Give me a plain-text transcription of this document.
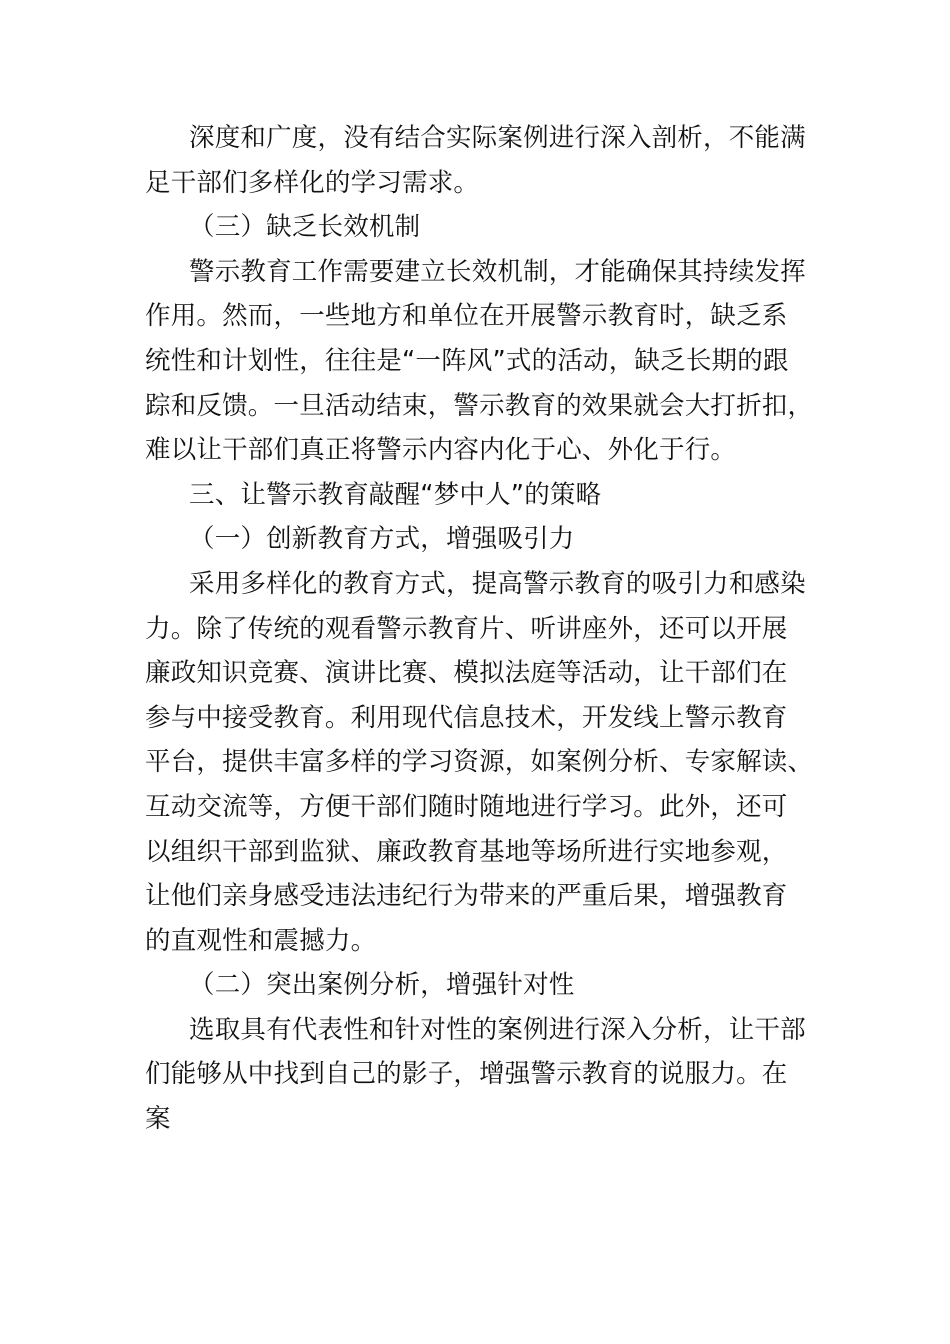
深度和广度，没有结合实际案例进行深入剖析，不能满
足干部们多样化的学习需求。
（三）缺乏长效机制
警示教育工作需要建立长效机制，才能确保其持续发挥
作用。然而，一些地方和单位在开展警示教育时，缺乏系
统性和计划性，往往是“一阵风”式的活动，缺乏长期的跟
踪和反馈。一旦活动结束，警示教育的效果就会大打折扣，
难以让干部们真正将警示内容内化于心、外化于行。
三、让警示教育敲醒“梦中人”的策略
（一）创新教育方式，增强吸引力
采用多样化的教育方式，提高警示教育的吸引力和感染
力。除了传统的观看警示教育片、听讲座外，还可以开展
廉政知识竞赛、演讲比赛、模拟法庭等活动，让干部们在
参与中接受教育。利用现代信息技术，开发线上警示教育
平台，提供丰富多样的学习资源，如案例分析、专家解读、
互动交流等，方便干部们随时随地进行学习。此外，还可
以组织干部到监狱、廉政教育基地等场所进行实地参观，
让他们亲身感受违法违纪行为带来的严重后果，增强教育
的直观性和震撼力。
（二）突出案例分析，增强针对性
选取具有代表性和针对性的案例进行深入分析，让干部
们能够从中找到自己的影子，增强警示教育的说服力。在
案
